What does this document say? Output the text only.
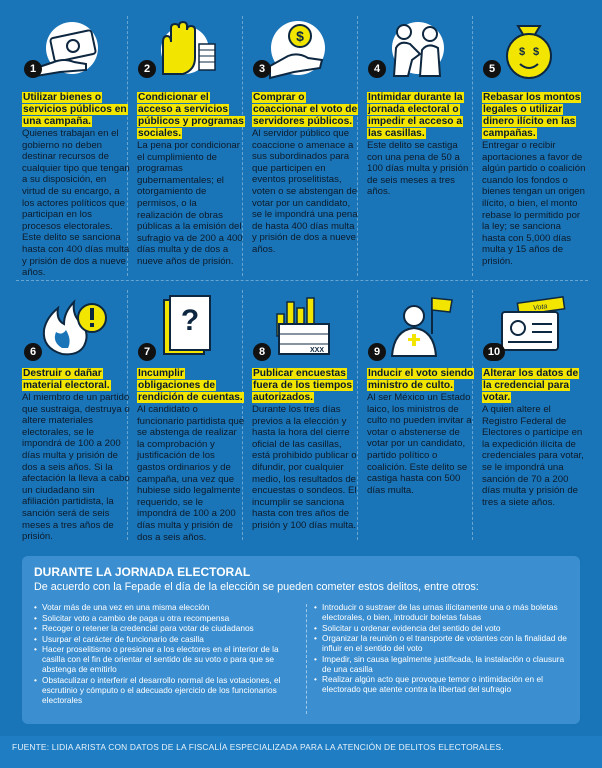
$
$ $
?
XXX
Vota
1	2	3	4	5
6	7	8	9	10
Utilizar bienes o servicios públicos en una campaña.
Quienes trabajan en el gobierno no deben destinar recursos de cualquier tipo que tengan a su disposición, en virtud de su encargo, a los actores políticos que participan en los procesos electorales. Este delito se sanciona hasta con 400 días multa y prisión de dos a nueve años.
Condicionar el acceso a servicios públicos y programas sociales.
La pena por condicionar el cumplimiento de programas gubernamentales; el otorgamiento de permisos, o la realización de obras públicas a la emisión del sufragio va de 200 a 400 días multa y de dos a nueve años de prisión.
Comprar o coaccionar el voto de servidores públicos.
Al servidor público que coaccione o amenace a sus subordinados para que participen en eventos proselitistas, voten o se abstengan de votar por un candidato, se le impondrá una pena de hasta 400 días multa y prisión de dos a nueve años.
Intimidar durante la jornada electoral o impedir el acceso a las casillas.
Este delito se castiga con una pena de 50 a 100 días multa y prisión de seis meses a tres años.
Rebasar los montos legales o utilizar dinero ilícito en las campañas.
Entregar o recibir aportaciones a favor de algún partido o coalición cuando los fondos o bienes tengan un origen ilícito, o bien, el monto rebase lo permitido por la ley; se sanciona hasta con 5,000 días multa y 15 años de prisión.
Destruir o dañar material electoral.
Al miembro de un partido que sustraiga, destruya o altere materiales electorales, se le impondrá de 100 a 200 días multa y prisión de dos a seis años. Si la afectación la lleva a cabo un ciudadano sin afiliación partidista, la sanción será de seis meses a tres años de prisión.
Incumplir obligaciones de rendición de cuentas.
Al candidato o funcionario partidista que se abstenga de realizar la comprobación y justificación de los gastos ordinarios y de campaña, una vez que hubiese sido legalmente requerido, se le impondrá de 100 a 200 días multa y prisión de dos a seis años.
Publicar encuestas fuera de los tiempos autorizados.
Durante los tres días previos a la elección y hasta la hora del cierre oficial de las casillas, está prohibido publicar o difundir, por cualquier medio, los resultados de encuestas o sondeos. El incumplir se sanciona hasta con tres años de prisión y 100 días multa.
Inducir el voto siendo ministro de culto.
Al ser México un Estado laico, los ministros de culto no pueden invitar a votar o abstenerse de votar por un candidato, partido político o coalición. Este delito se castiga hasta con 500 días multa.
Alterar los datos de la credencial para votar.
A quien altere el Registro Federal de Electores o participe en la expedición ilícita de credenciales para votar, se le impondrá una sanción de 70 a 200 días multa y prisión de tres a siete años.
DURANTE LA JORNADA ELECTORAL
De acuerdo con la Fepade el día de la elección se pueden cometer estos delitos, entre otros:
• Votar más de una vez en una misma elección
• Solicitar voto a cambio de paga u otra recompensa
• Recoger o retener la credencial para votar de ciudadanos
• Usurpar el carácter de funcionario de casilla
• Hacer proselitismo o presionar a los electores en el interior de la casilla con el fin de orientar el sentido de su voto o para que se abstenga de emitirlo
• Obstaculizar o interferir el desarrollo normal de las votaciones, el escrutinio y cómputo o el adecuado ejercicio de los funcionarios electorales
• Introducir o sustraer de las urnas ilícitamente una o más boletas electorales, o bien, introducir boletas falsas
• Solicitar u ordenar evidencia del sentido del voto
• Organizar la reunión o el transporte de votantes con la finalidad de influir en el sentido del voto
• Impedir, sin causa legalmente justificada, la instalación o clausura de una casilla
• Realizar algún acto que provoque temor o intimidación en el electorado que atente contra la libertad del sufragio
FUENTE: LIDIA ARISTA CON DATOS DE LA FISCALÍA ESPECIALIZADA PARA LA ATENCIÓN DE DELITOS ELECTORALES.
